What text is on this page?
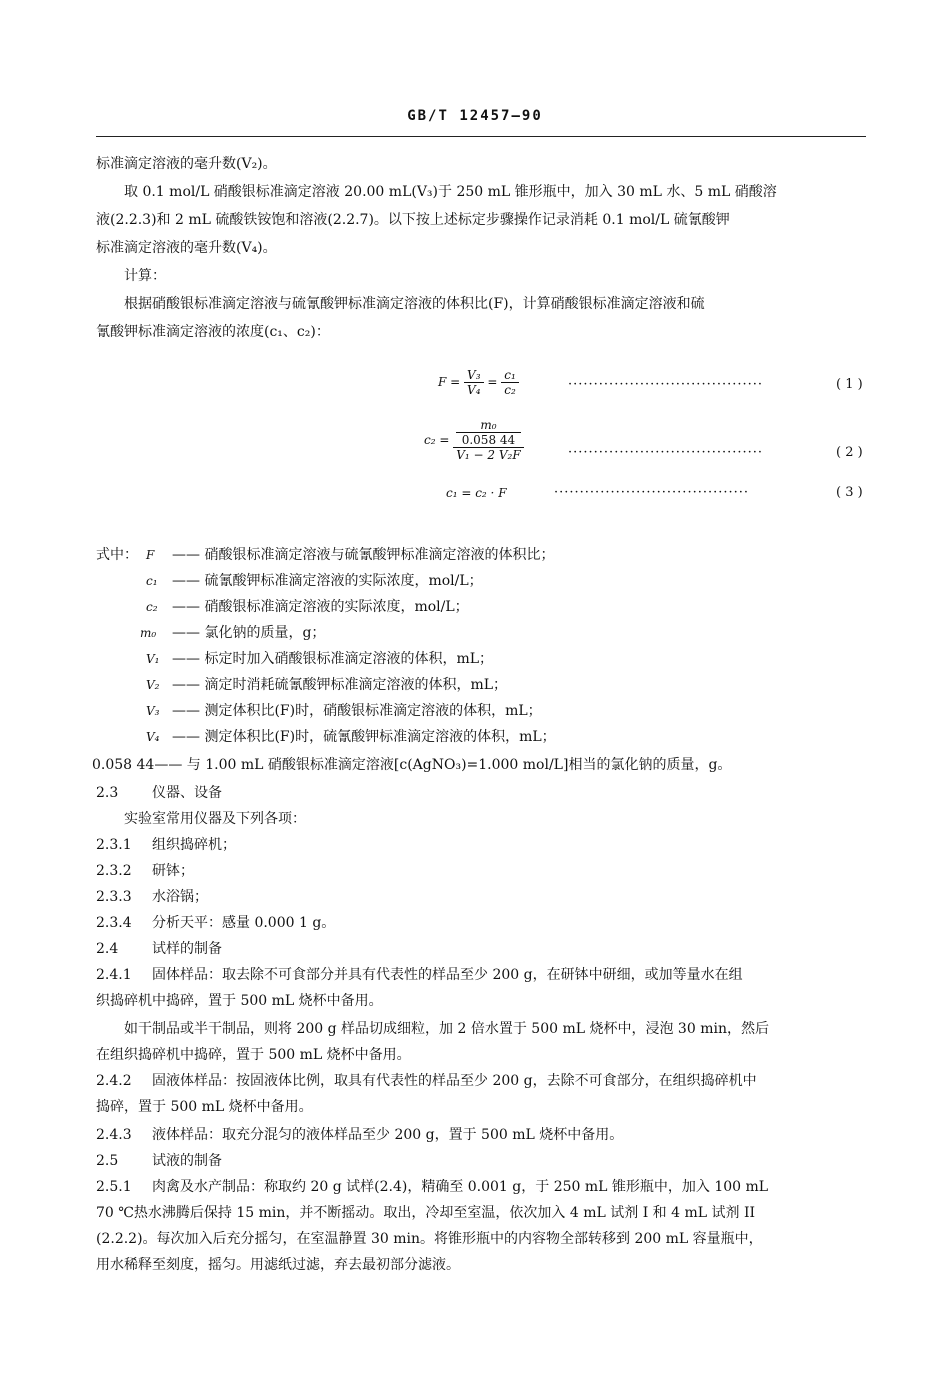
GB/T 12457—90
标准滴定溶液的毫升数(V₂)。
取 0.1 mol/L 硝酸银标准滴定溶液 20.00 mL(V₃)于 250 mL 锥形瓶中，加入 30 mL 水、5 mL 硝酸溶
液(2.2.3)和 2 mL 硫酸铁铵饱和溶液(2.2.7)。以下按上述标定步骤操作记录消耗 0.1 mol/L 硫氰酸钾
标准滴定溶液的毫升数(V₄)。
计算：
根据硝酸银标准滴定溶液与硫氰酸钾标准滴定溶液的体积比(F)，计算硝酸银标准滴定溶液和硫
氰酸钾标准滴定溶液的浓度(c₁、c₂)：
$F = \frac{\text{V₃}}{\text{V₄}} = \frac{\text{c₁}}{\text{c₂}}$	······································	( 1 )
c₂ = m₀
0.058 44
V₁ − 2 V₂F	······································	( 2 )
c₁ = c₂ · F	······································	( 3 )
式中： F —— 硝酸银标准滴定溶液与硫氰酸钾标准滴定溶液的体积比；
c₁ —— 硫氰酸钾标准滴定溶液的实际浓度，mol/L；
c₂ —— 硝酸银标准滴定溶液的实际浓度，mol/L；
m₀ —— 氯化钠的质量，g；
V₁ —— 标定时加入硝酸银标准滴定溶液的体积，mL；
V₂ —— 滴定时消耗硫氰酸钾标准滴定溶液的体积，mL；
V₃ —— 测定体积比(F)时，硝酸银标准滴定溶液的体积，mL；
V₄ —— 测定体积比(F)时，硫氰酸钾标准滴定溶液的体积，mL；
0.058 44—— 与 1.00 mL 硝酸银标准滴定溶液[c(AgNO₃)=1.000 mol/L]相当的氯化钠的质量，g。
2.3 仪器、设备
实验室常用仪器及下列各项：
2.3.1 组织捣碎机；
2.3.2 研钵；
2.3.3 水浴锅；
2.3.4 分析天平：感量 0.000 1 g。
2.4 试样的制备
2.4.1 固体样品：取去除不可食部分并具有代表性的样品至少 200 g，在研钵中研细，或加等量水在组
织捣碎机中捣碎，置于 500 mL 烧杯中备用。
如干制品或半干制品，则将 200 g 样品切成细粒，加 2 倍水置于 500 mL 烧杯中，浸泡 30 min，然后
在组织捣碎机中捣碎，置于 500 mL 烧杯中备用。
2.4.2 固液体样品：按固液体比例，取具有代表性的样品至少 200 g，去除不可食部分，在组织捣碎机中
捣碎，置于 500 mL 烧杯中备用。
2.4.3 液体样品：取充分混匀的液体样品至少 200 g，置于 500 mL 烧杯中备用。
2.5 试液的制备
2.5.1 肉禽及水产制品：称取约 20 g 试样(2.4)，精确至 0.001 g，于 250 mL 锥形瓶中，加入 100 mL
70 ℃热水沸腾后保持 15 min，并不断摇动。取出，冷却至室温，依次加入 4 mL 试剂 I 和 4 mL 试剂 II
(2.2.2)。每次加入后充分摇匀，在室温静置 30 min。将锥形瓶中的内容物全部转移到 200 mL 容量瓶中，
用水稀释至刻度，摇匀。用滤纸过滤，弃去最初部分滤液。
